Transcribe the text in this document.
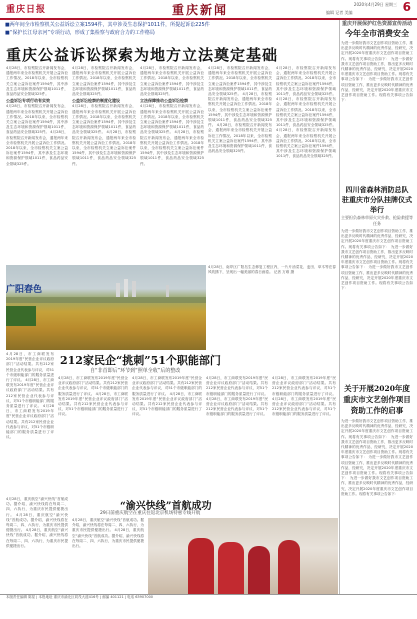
重庆日报	重庆新闻	2020年4月29日 星期三 6
编辑 记者 美编
■两年间全市检察机关公益诉讼立案1594件，其中涉及生态保护1011件，所提起诉讼225件
■“保护长江母亲河”专项行动，形成了集检察与政府合力的工作格局
重庆公益诉讼探索为地方立法奠定基础
4月28日，市检察院召开新闻发布会，通报两年来全市检察机关开展公益诉讼工作情况。2018年以来，全市检察机关立案公益诉讼案件1594件，其中涉及生态环境和资源保护领域1011件，食品药品安全领域325件。
公益诉讼专项行动有实效
4月28日，市检察院召开新闻发布会，通报两年来全市检察机关开展公益诉讼工作情况。2018年以来，全市检察机关立案公益诉讼案件1594件，其中涉及生态环境和资源保护领域1011件，食品药品安全领域325件。 4月28日，市检察院召开新闻发布会，通报两年来全市检察机关开展公益诉讼工作情况。2018年以来，全市检察机关立案公益诉讼案件1594件，其中涉及生态环境和资源保护领域1011件，食品药品安全领域325件。
4月28日，市检察院召开新闻发布会，通报两年来全市检察机关开展公益诉讼工作情况。2018年以来，全市检察机关立案公益诉讼案件1594件，其中涉及生态环境和资源保护领域1011件，食品药品安全领域325件。
公益诉讼检察的制度化建设
4月28日，市检察院召开新闻发布会，通报两年来全市检察机关开展公益诉讼工作情况。2018年以来，全市检察机关立案公益诉讼案件1594件，其中涉及生态环境和资源保护领域1011件，食品药品安全领域325件。 4月28日，市检察院召开新闻发布会，通报两年来全市检察机关开展公益诉讼工作情况。2018年以来，全市检察机关立案公益诉讼案件1594件，其中涉及生态环境和资源保护领域1011件，食品药品安全领域325件。
4月28日，市检察院召开新闻发布会，通报两年来全市检察机关开展公益诉讼工作情况。2018年以来，全市检察机关立案公益诉讼案件1594件，其中涉及生态环境和资源保护领域1011件，食品药品安全领域325件。
立法保障推动公益诉讼检察
4月28日，市检察院召开新闻发布会，通报两年来全市检察机关开展公益诉讼工作情况。2018年以来，全市检察机关立案公益诉讼案件1594件，其中涉及生态环境和资源保护领域1011件，食品药品安全领域325件。 4月28日，市检察院召开新闻发布会，通报两年来全市检察机关开展公益诉讼工作情况。2018年以来，全市检察机关立案公益诉讼案件1594件，其中涉及生态环境和资源保护领域1011件，食品药品安全领域325件。
4月28日，市检察院召开新闻发布会，通报两年来全市检察机关开展公益诉讼工作情况。2018年以来，全市检察机关立案公益诉讼案件1594件，其中涉及生态环境和资源保护领域1011件，食品药品安全领域325件。 4月28日，市检察院召开新闻发布会，通报两年来全市检察机关开展公益诉讼工作情况。2018年以来，全市检察机关立案公益诉讼案件1594件，其中涉及生态环境和资源保护领域1011件，食品药品安全领域325件。 4月28日，市检察院召开新闻发布会，通报两年来全市检察机关开展公益诉讼工作情况。2018年以来，全市检察机关立案公益诉讼案件1594件，其中涉及生态环境和资源保护领域1011件，食品药品安全领域325件。
4月28日，市检察院召开新闻发布会，通报两年来全市检察机关开展公益诉讼工作情况。2018年以来，全市检察机关立案公益诉讼案件1594件，其中涉及生态环境和资源保护领域1011件，食品药品安全领域325件。 4月28日，市检察院召开新闻发布会，通报两年来全市检察机关开展公益诉讼工作情况。2018年以来，全市检察机关立案公益诉讼案件1594件，其中涉及生态环境和资源保护领域1011件，食品药品安全领域325件。 4月28日，市检察院召开新闻发布会，通报两年来全市检察机关开展公益诉讼工作情况。2018年以来，全市检察机关立案公益诉讼案件1594件，其中涉及生态环境和资源保护领域1011件，食品药品安全领域325件。
广阳春色
4月28日，南岸区广阳岛生态修复工程区内，一片片油菜花、麦田、草木等在春风吹拂下，呈现出一幅美丽的春日画卷。 记者 万难 摄
212家民企“挑刺”51个职能部门
自“非首即后”环节到“照单全收”后的整改
4月28日，市工商联发布2019年度“民营企业评议政府部门”活动结果。共有212家民营企业代表参与评议，对51个市级职能部门的服务质量进行了评议。 4月28日，市工商联发布2019年度“民营企业评议政府部门”活动结果。共有212家民营企业代表参与评议，对51个市级职能部门的服务质量进行了评议。 4月28日，市工商联发布2019年度“民营企业评议政府部门”活动结果。共有212家民营企业代表参与评议，对51个市级职能部门的服务质量进行了评议。
4月28日，市工商联发布2019年度“民营企业评议政府部门”活动结果。共有212家民营企业代表参与评议，对51个市级职能部门的服务质量进行了评议。 4月28日，市工商联发布2019年度“民营企业评议政府部门”活动结果。共有212家民营企业代表参与评议，对51个市级职能部门的服务质量进行了评议。
4月28日，市工商联发布2019年度“民营企业评议政府部门”活动结果。共有212家民营企业代表参与评议，对51个市级职能部门的服务质量进行了评议。 4月28日，市工商联发布2019年度“民营企业评议政府部门”活动结果。共有212家民营企业代表参与评议，对51个市级职能部门的服务质量进行了评议。
4月28日，市工商联发布2019年度“民营企业评议政府部门”活动结果。共有212家民营企业代表参与评议，对51个市级职能部门的服务质量进行了评议。 4月28日，市工商联发布2019年度“民营企业评议政府部门”活动结果。共有212家民营企业代表参与评议，对51个市级职能部门的服务质量进行了评议。
4月28日，市工商联发布2019年度“民营企业评议政府部门”活动结果。共有212家民营企业代表参与评议，对51个市级职能部门的服务质量进行了评议。 4月28日，市工商联发布2019年度“民营企业评议政府部门”活动结果。共有212家民营企业代表参与评议，对51个市级职能部门的服务质量进行了评议。
“渝兴快线”首航成功
29日前重庆航空在重庆往返北京机场特惠专线开航
4月28日，重庆航空“渝兴快线”首航成功。据介绍，渝兴快线将在每周二、四、六执行，为重庆市民提供便捷出行。 4月28日，重庆航空“渝兴快线”首航成功。据介绍，渝兴快线将在每周二、四、六执行，为重庆市民提供便捷出行。 4月28日，重庆航空“渝兴快线”首航成功。据介绍，渝兴快线将在每周二、四、六执行，为重庆市民提供便捷出行。
4月28日，重庆航空“渝兴快线”首航成功。据介绍，渝兴快线将在每周二、四、六执行，为重庆市民提供便捷出行。 4月28日，重庆航空“渝兴快线”首航成功。据介绍，渝兴快线将在每周二、四、六执行，为重庆市民提供便捷出行。
重庆开展保护红色资源宣传活动
今年全市消费安全
为进一步做好我市文艺创作项目资助工作，推出更多反映时代精神的优秀作品，经研究，决定开展2020年度重庆市文艺创作项目资助工作。现将有关事项公告如下： 为进一步做好我市文艺创作项目资助工作，推出更多反映时代精神的优秀作品，经研究，决定开展2020年度重庆市文艺创作项目资助工作。现将有关事项公告如下： 为进一步做好我市文艺创作项目资助工作，推出更多反映时代精神的优秀作品，经研究，决定开展2020年度重庆市文艺创作项目资助工作。现将有关事项公告如下：
四川省森林消防总队
驻重庆市分队挂牌仪式举行
主要担负森林草原火灾扑救、抢险救援等任务
为进一步做好我市文艺创作项目资助工作，推出更多反映时代精神的优秀作品，经研究，决定开展2020年度重庆市文艺创作项目资助工作。现将有关事项公告如下： 为进一步做好我市文艺创作项目资助工作，推出更多反映时代精神的优秀作品，经研究，决定开展2020年度重庆市文艺创作项目资助工作。现将有关事项公告如下： 为进一步做好我市文艺创作项目资助工作，推出更多反映时代精神的优秀作品，经研究，决定开展2020年度重庆市文艺创作项目资助工作。现将有关事项公告如下：
关于开展2020年度重庆市文艺创作项目资助工作的启事
为进一步做好我市文艺创作项目资助工作，推出更多反映时代精神的优秀作品，经研究，决定开展2020年度重庆市文艺创作项目资助工作。现将有关事项公告如下： 为进一步做好我市文艺创作项目资助工作，推出更多反映时代精神的优秀作品，经研究，决定开展2020年度重庆市文艺创作项目资助工作。现将有关事项公告如下： 为进一步做好我市文艺创作项目资助工作，推出更多反映时代精神的优秀作品，经研究，决定开展2020年度重庆市文艺创作项目资助工作。现将有关事项公告如下： 为进一步做好我市文艺创作项目资助工作，推出更多反映时代精神的优秀作品，经研究，决定开展2020年度重庆市文艺创作项目资助工作。现将有关事项公告如下：
本版责任编辑 陈星 | 本报地址 重庆市渝北区同茂大道416号 | 邮编 401121 | 电话 63907000
